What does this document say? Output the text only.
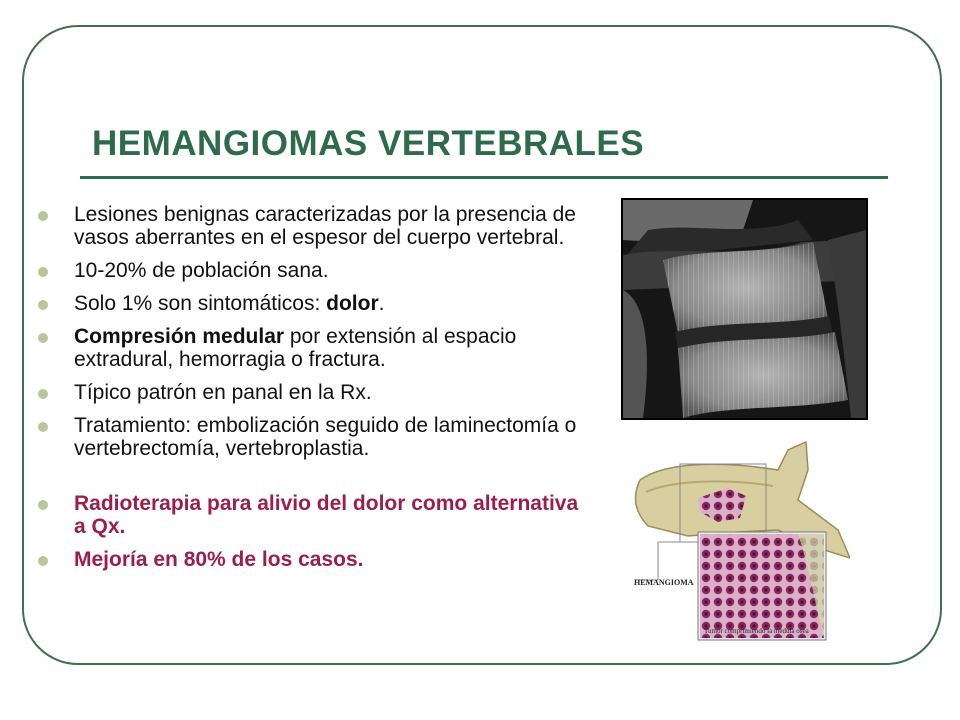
HEMANGIOMAS VERTEBRALES
Lesiones benignas caracterizadas por la presencia de vasos aberrantes en el espesor del cuerpo vertebral.
10-20% de población sana.
Solo 1% son sintomáticos: dolor.
Compresión medular por extensión al espacio extradural, hemorragia o fractura.
Típico patrón en panal en la Rx.
Tratamiento: embolización seguido de laminectomía o vertebrectomía, vertebroplastia.
Radioterapia para alivio del dolor como alternativa a Qx.
Mejoría en 80% de los casos.
HEMANGIOMA
Tumor comprimiendo la medula osea
